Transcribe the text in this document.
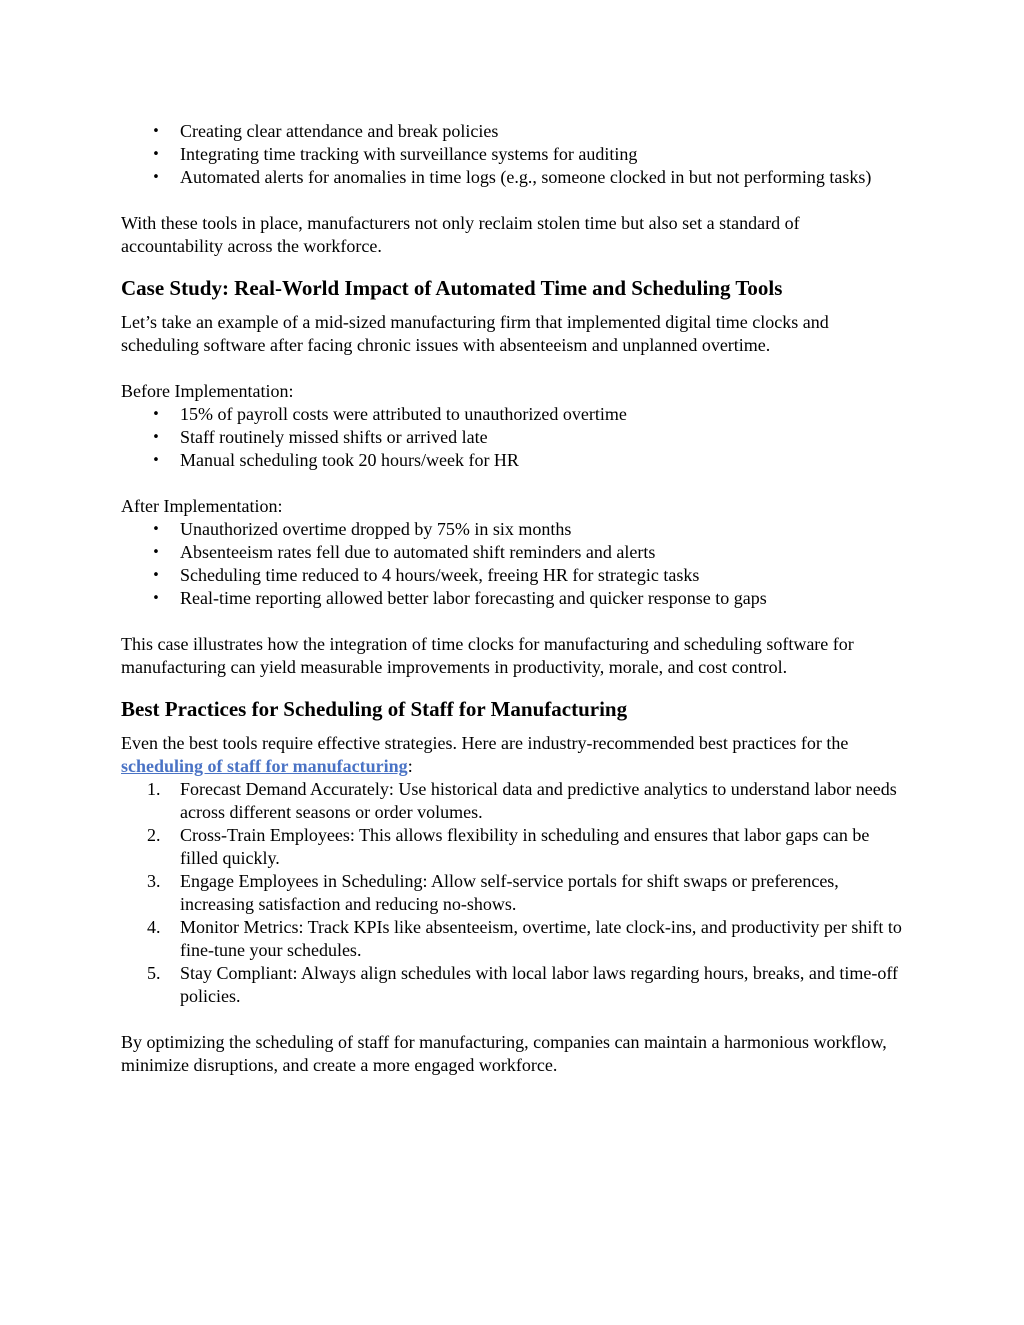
• Creating clear attendance and break policies
• Integrating time tracking with surveillance systems for auditing
• Automated alerts for anomalies in time logs (e.g., someone clocked in but not performing tasks)

With these tools in place, manufacturers not only reclaim stolen time but also set a standard of accountability across the workforce.

Case Study: Real-World Impact of Automated Time and Scheduling Tools

Let’s take an example of a mid-sized manufacturing firm that implemented digital time clocks and scheduling software after facing chronic issues with absenteeism and unplanned overtime.

Before Implementation:

• 15% of payroll costs were attributed to unauthorized overtime
• Staff routinely missed shifts or arrived late
• Manual scheduling took 20 hours/week for HR

After Implementation:

• Unauthorized overtime dropped by 75% in six months
• Absenteeism rates fell due to automated shift reminders and alerts
• Scheduling time reduced to 4 hours/week, freeing HR for strategic tasks
• Real-time reporting allowed better labor forecasting and quicker response to gaps

This case illustrates how the integration of time clocks for manufacturing and scheduling software for manufacturing can yield measurable improvements in productivity, morale, and cost control.

Best Practices for Scheduling of Staff for Manufacturing

Even the best tools require effective strategies. Here are industry-recommended best practices for the scheduling of staff for manufacturing:

1.	Forecast Demand Accurately: Use historical data and predictive analytics to understand labor needs across different seasons or order volumes.
2.	Cross-Train Employees: This allows flexibility in scheduling and ensures that labor gaps can be filled quickly.
3.	Engage Employees in Scheduling: Allow self-service portals for shift swaps or preferences, increasing satisfaction and reducing no-shows.
4.	Monitor Metrics: Track KPIs like absenteeism, overtime, late clock-ins, and productivity per shift to fine-tune your schedules.
5.	Stay Compliant: Always align schedules with local labor laws regarding hours, breaks, and time-off policies.

By optimizing the scheduling of staff for manufacturing, companies can maintain a harmonious workflow, minimize disruptions, and create a more engaged workforce.
